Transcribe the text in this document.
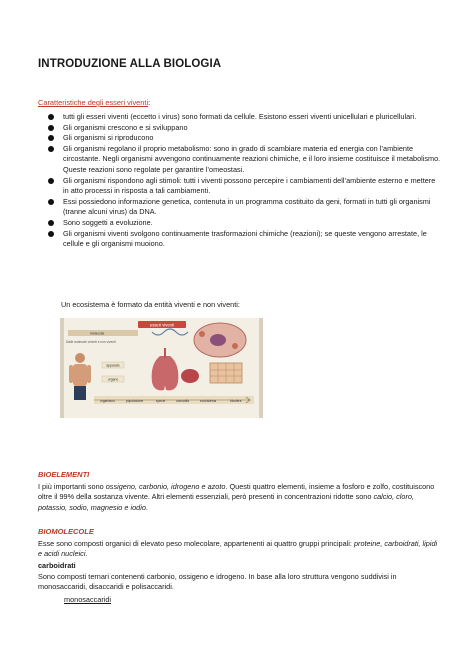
INTRODUZIONE ALLA BIOLOGIA
Caratteristiche degli esseri viventi:
tutti gli esseri viventi (eccetto i virus) sono formati da cellule. Esistono esseri viventi unicellulari e pluricellulari.
Gli organismi crescono e si sviluppano
Gli organismi si riproducono
Gli organismi regolano il proprio metabolismo: sono in grado di scambiare materia ed energia con l’ambiente circostante. Negli organismi avvengono continuamente reazioni chimiche, e il loro insieme costituisce il metabolismo. Queste reazioni sono regolate per garantire l’omeostasi.
Gli organismi rispondono agli stimoli: tutti i viventi possono percepire i cambiamenti dell’ambiente esterno e mettere in atto processi in risposta a tali cambiamenti.
Essi possiedono informazione genetica, contenuta in un programma costituito da geni, formati in tutti gli organismi (tranne alcuni virus) da DNA.
Sono soggetti a evoluzione.
Gli organismi viventi svolgono continuamente trasformazioni chimiche (reazioni); se queste vengono arrestate, le cellule e gli organismi muoiono.
Un ecosistema è formato da entità viventi e non viventi:
esseri viventi
molecole
Dalle molecole viventi e non viventi
apparato
organo
organismo	popolazione	specie	comunità	ecosistema	biosfera
BIOELEMENTI
I più importanti sono ossigeno, carbonio, idrogeno e azoto. Questi quattro elementi, insieme a fosforo e zolfo, costituiscono oltre il 99% della sostanza vivente. Altri elementi essenziali, però presenti in concentrazioni ridotte sono calcio, cloro, potassio, sodio, magnesio e iodio.
BIOMOLECOLE
Esse sono composti organici di elevato peso molecolare, appartenenti ai quattro gruppi principali: proteine, carboidrati, lipidi e acidi nucleici.
carboidrati
Sono composti ternari contenenti carbonio, ossigeno e idrogeno. In base alla loro struttura vengono suddivisi in monosaccaridi, disaccaridi e polisaccaridi.
monosaccaridi
